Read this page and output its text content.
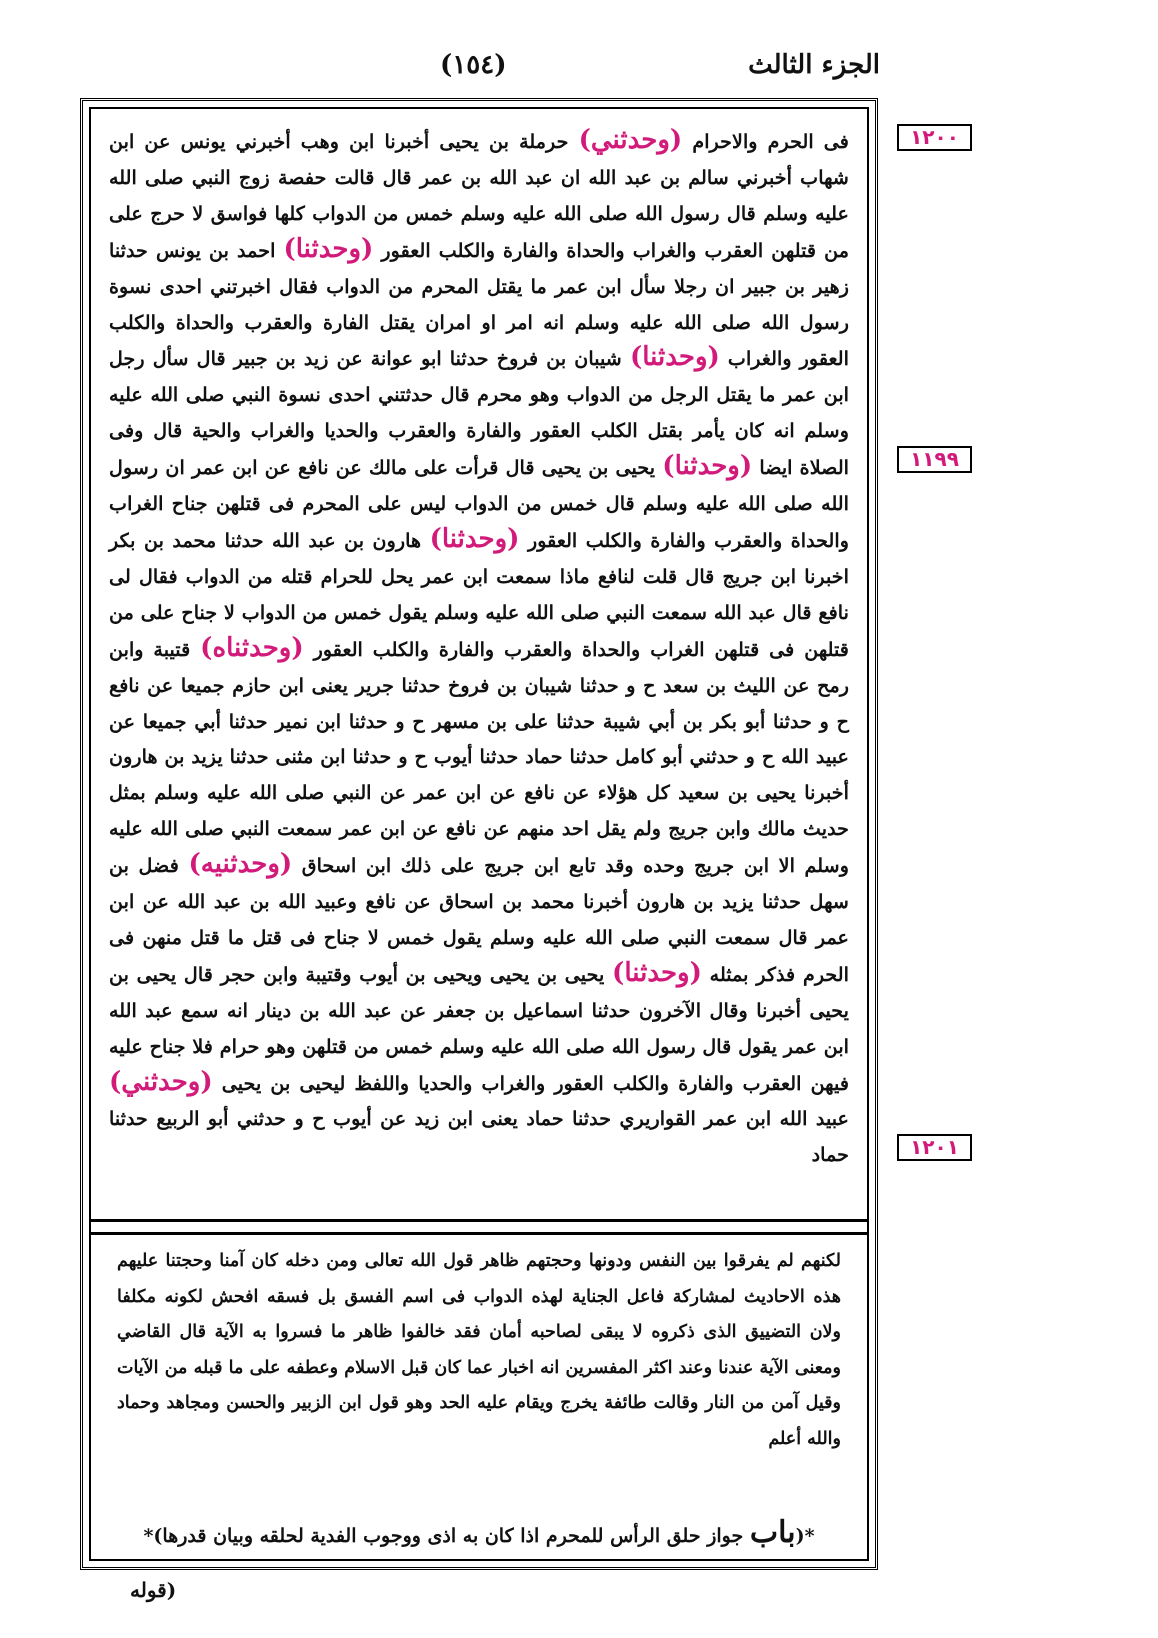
الجزء الثالث
(١٥٤)
١٢٠٠
١١٩٩
١٢٠١

فى الحرم والاحرام (وحدثني) حرملة بن يحيى أخبرنا ابن وهب أخبرني يونس عن ابن شهاب أخبرني سالم بن عبد الله ان عبد الله بن عمر قال قالت حفصة زوج النبي صلى الله عليه وسلم قال رسول الله صلى الله عليه وسلم خمس من الدواب كلها فواسق لا حرج على من قتلهن العقرب والغراب والحداة والفارة والكلب العقور (وحدثنا) احمد بن يونس حدثنا زهير بن جبير ان رجلا سأل ابن عمر ما يقتل المحرم من الدواب فقال اخبرتني احدى نسوة رسول الله صلى الله عليه وسلم انه امر او امران يقتل الفارة والعقرب والحداة والكلب العقور والغراب (وحدثنا) شيبان بن فروخ حدثنا ابو عوانة عن زيد بن جبير قال سأل رجل ابن عمر ما يقتل الرجل من الدواب وهو محرم قال حدثتني احدى نسوة النبي صلى الله عليه وسلم انه كان يأمر بقتل الكلب العقور والفارة والعقرب والحديا والغراب والحية قال وفى الصلاة ايضا (وحدثنا) يحيى بن يحيى قال قرأت على مالك عن نافع عن ابن عمر ان رسول الله صلى الله عليه وسلم قال خمس من الدواب ليس على المحرم فى قتلهن جناح الغراب والحداة والعقرب والفارة والكلب العقور (وحدثنا) هارون بن عبد الله حدثنا محمد بن بكر اخبرنا ابن جريج قال قلت لنافع ماذا سمعت ابن عمر يحل للحرام قتله من الدواب فقال لى نافع قال عبد الله سمعت النبي صلى الله عليه وسلم يقول خمس من الدواب لا جناح على من قتلهن فى قتلهن الغراب والحداة والعقرب والفارة والكلب العقور (وحدثناه) قتيبة وابن رمح عن الليث بن سعد ح و حدثنا شيبان بن فروخ حدثنا جرير يعنى ابن حازم جميعا عن نافع ح و حدثنا أبو بكر بن أبي شيبة حدثنا على بن مسهر ح و حدثنا ابن نمير حدثنا أبي جميعا عن عبيد الله ح و حدثني أبو كامل حدثنا حماد حدثنا أيوب ح و حدثنا ابن مثنى حدثنا يزيد بن هارون أخبرنا يحيى بن سعيد كل هؤلاء عن نافع عن ابن عمر عن النبي صلى الله عليه وسلم بمثل حديث مالك وابن جريج ولم يقل احد منهم عن نافع عن ابن عمر سمعت النبي صلى الله عليه وسلم الا ابن جريج وحده وقد تابع ابن جريج على ذلك ابن اسحاق (وحدثنيه) فضل بن سهل حدثنا يزيد بن هارون أخبرنا محمد بن اسحاق عن نافع وعبيد الله بن عبد الله عن ابن عمر قال سمعت النبي صلى الله عليه وسلم يقول خمس لا جناح فى قتل ما قتل منهن فى الحرم فذكر بمثله (وحدثنا) يحيى بن يحيى ويحيى بن أيوب وقتيبة وابن حجر قال يحيى بن يحيى أخبرنا وقال الآخرون حدثنا اسماعيل بن جعفر عن عبد الله بن دينار انه سمع عبد الله ابن عمر يقول قال رسول الله صلى الله عليه وسلم خمس من قتلهن وهو حرام فلا جناح عليه فيهن العقرب والفارة والكلب العقور والغراب والحديا واللفظ ليحيى بن يحيى (وحدثني) عبيد الله ابن عمر القواريري حدثنا حماد يعنى ابن زيد عن أيوب ح و حدثني أبو الربيع حدثنا حماد

لكنهم لم يفرقوا بين النفس ودونها وحجتهم ظاهر قول الله تعالى ومن دخله كان آمنا وحجتنا عليهم هذه الاحاديث لمشاركة فاعل الجناية لهذه الدواب فى اسم الفسق بل فسقه افحش لكونه مكلفا ولان التضييق الذى ذكروه لا يبقى لصاحبه أمان فقد خالفوا ظاهر ما فسروا به الآية قال القاضي ومعنى الآية عندنا وعند اكثر المفسرين انه اخبار عما كان قبل الاسلام وعطفه على ما قبله من الآيات وقيل آمن من النار وقالت طائفة يخرج ويقام عليه الحد وهو قول ابن الزبير والحسن ومجاهد وحماد والله أعلم

*(باب جواز حلق الرأس للمحرم اذا كان به اذى ووجوب الفدية لحلقه وبيان قدرها)*
(قوله
